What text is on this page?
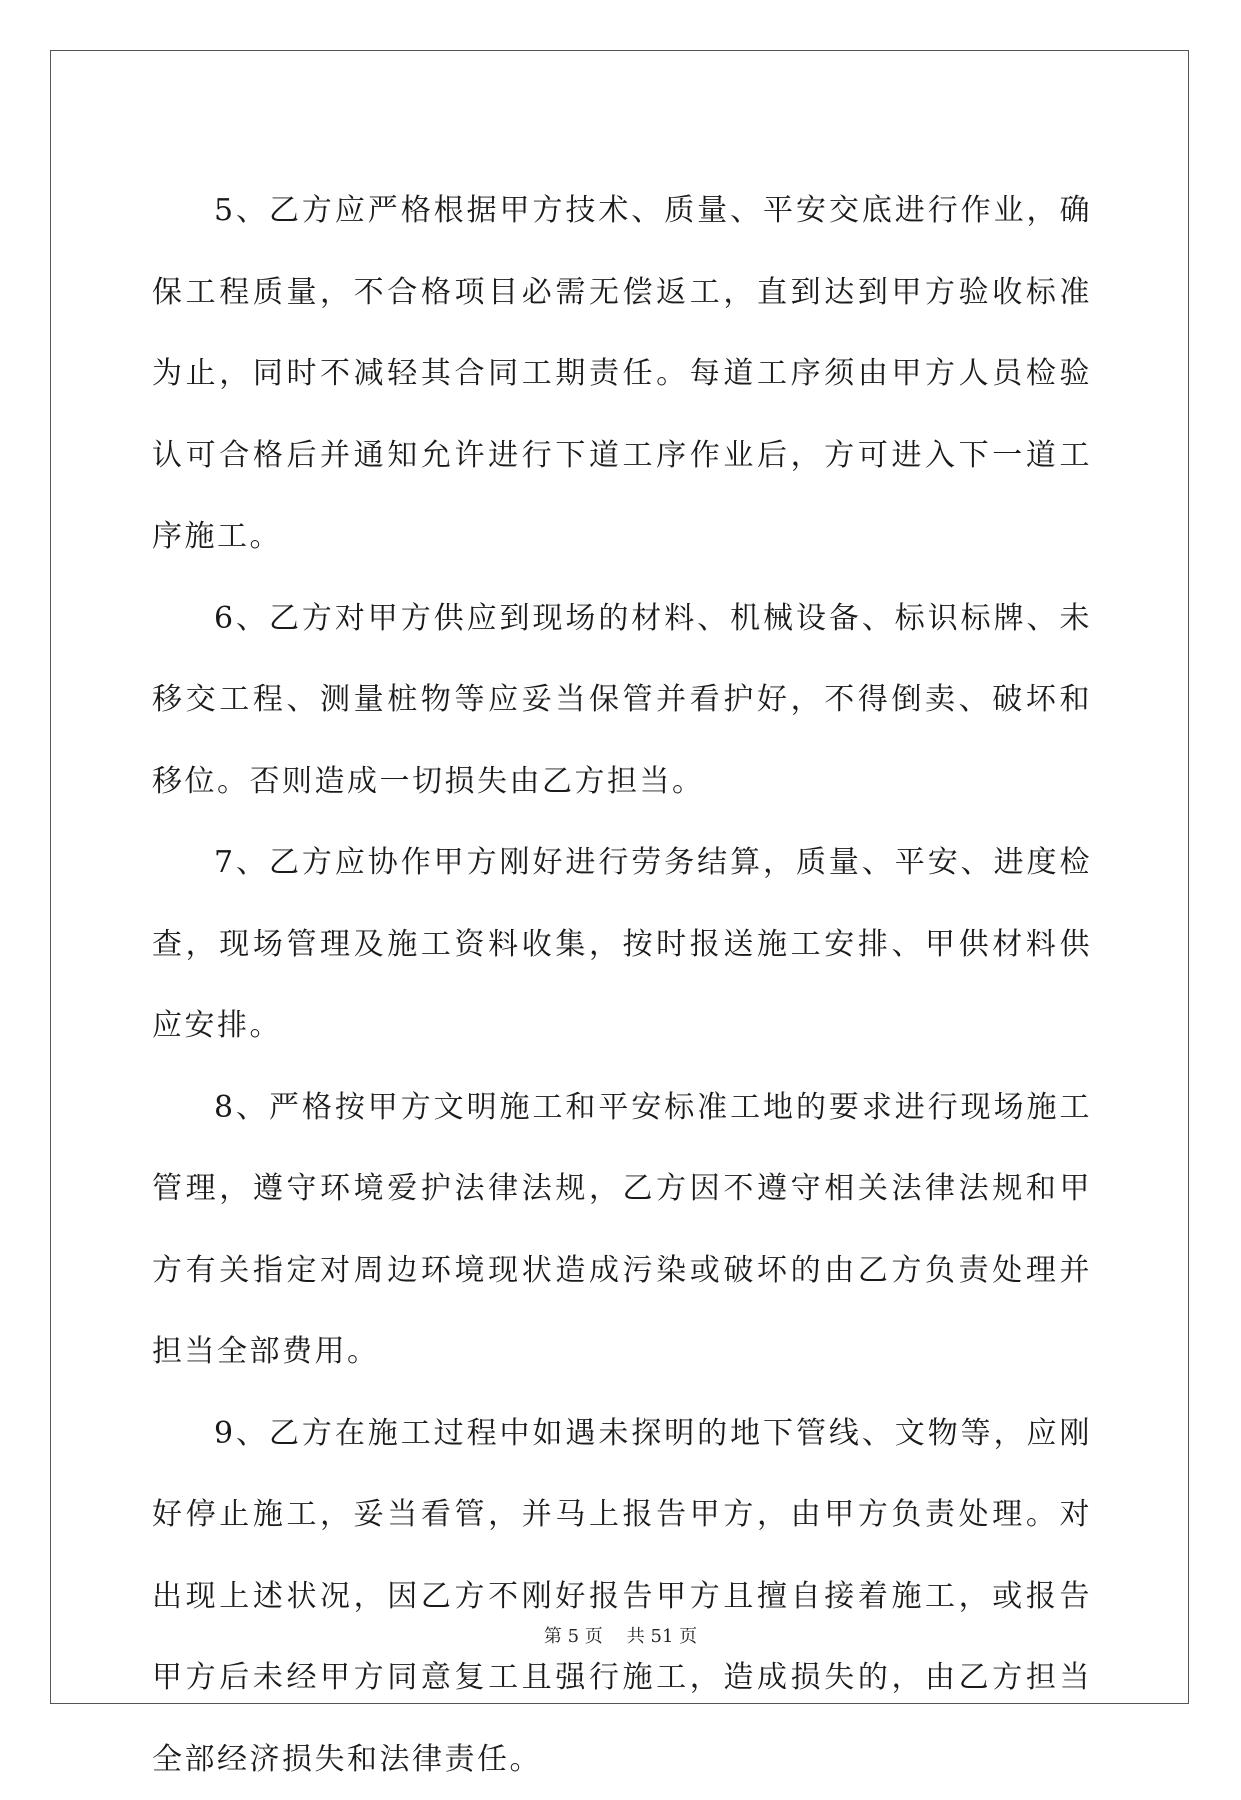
5、乙方应严格根据甲方技术、质量、平安交底进行作业，确保工程质量，不合格项目必需无偿返工，直到达到甲方验收标准为止，同时不减轻其合同工期责任。每道工序须由甲方人员检验认可合格后并通知允许进行下道工序作业后，方可进入下一道工序施工。

6、乙方对甲方供应到现场的材料、机械设备、标识标牌、未移交工程、测量桩物等应妥当保管并看护好，不得倒卖、破坏和移位。否则造成一切损失由乙方担当。

7、乙方应协作甲方刚好进行劳务结算，质量、平安、进度检查，现场管理及施工资料收集，按时报送施工安排、甲供材料供应安排。

8、严格按甲方文明施工和平安标准工地的要求进行现场施工管理，遵守环境爱护法律法规，乙方因不遵守相关法律法规和甲方有关指定对周边环境现状造成污染或破坏的由乙方负责处理并担当全部费用。

9、乙方在施工过程中如遇未探明的地下管线、文物等，应刚好停止施工，妥当看管，并马上报告甲方，由甲方负责处理。对出现上述状况，因乙方不刚好报告甲方且擅自接着施工，或报告甲方后未经甲方同意复工且强行施工，造成损失的，由乙方担当全部经济损失和法律责任。

第 5 页 共 51 页
